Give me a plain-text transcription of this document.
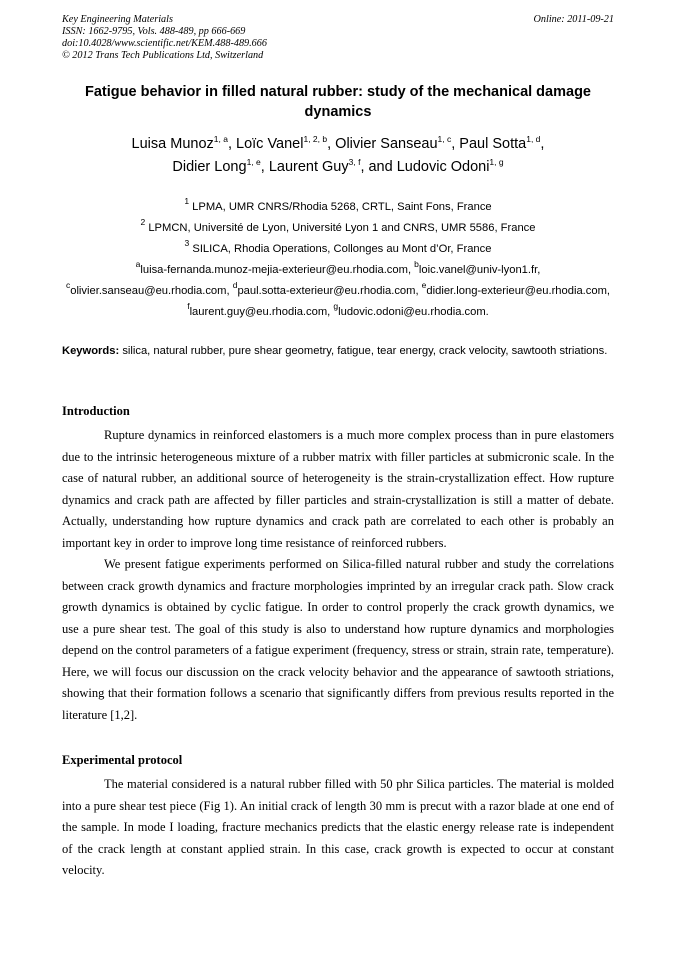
Key Engineering Materials
ISSN: 1662-9795, Vols. 488-489, pp 666-669
doi:10.4028/www.scientific.net/KEM.488-489.666
© 2012 Trans Tech Publications Ltd, Switzerland
Online: 2011-09-21
Fatigue behavior in filled natural rubber: study of the mechanical damage dynamics
Luisa Munoz$^{1, a}$, Loïc Vanel$^{1, 2, b}$, Olivier Sanseau$^{1, c}$, Paul Sotta$^{1, d}$,
Didier Long$^{1, e}$, Laurent Guy$^{3, f}$, and Ludovic Odoni$^{1, g}$
$^1$ LPMA, UMR CNRS/Rhodia 5268, CRTL, Saint Fons, France
$^2$ LPMCN, Université de Lyon, Université Lyon 1 and CNRS, UMR 5586, France
$^3$ SILICA, Rhodia Operations, Collonges au Mont d’Or, France
$^a$luisa-fernanda.munoz-mejia-exterieur@eu.rhodia.com, $^b$loic.vanel@univ-lyon1.fr,
$^c$olivier.sanseau@eu.rhodia.com, $^d$paul.sotta-exterieur@eu.rhodia.com, $^e$didier.long-exterieur@eu.rhodia.com, $^f$laurent.guy@eu.rhodia.com, $^g$ludovic.odoni@eu.rhodia.com.
Keywords: silica, natural rubber, pure shear geometry, fatigue, tear energy, crack velocity, sawtooth striations.
Introduction

Rupture dynamics in reinforced elastomers is a much more complex process than in pure elastomers due to the intrinsic heterogeneous mixture of a rubber matrix with filler particles at submicronic scale. In the case of natural rubber, an additional source of heterogeneity is the strain-crystallization effect. How rupture dynamics and crack path are affected by filler particles and strain-crystallization is still a matter of debate. Actually, understanding how rupture dynamics and crack path are correlated to each other is probably an important key in order to improve long time resistance of reinforced rubbers.

We present fatigue experiments performed on Silica-filled natural rubber and study the correlations between crack growth dynamics and fracture morphologies imprinted by an irregular crack path. Slow crack growth dynamics is obtained by cyclic fatigue. In order to control properly the crack growth dynamics, we use a pure shear test. The goal of this study is also to understand how rupture dynamics and morphologies depend on the control parameters of a fatigue experiment (frequency, stress or strain, strain rate, temperature). Here, we will focus our discussion on the crack velocity behavior and the appearance of sawtooth striations, showing that their formation follows a scenario that significantly differs from previous results reported in the literature [1,2].

Experimental protocol

The material considered is a natural rubber filled with 50 phr Silica particles. The material is molded into a pure shear test piece (Fig 1). An initial crack of length 30 mm is precut with a razor blade at one end of the sample. In mode I loading, fracture mechanics predicts that the elastic energy release rate is independent of the crack length at constant applied strain. In this case, crack growth is expected to occur at constant velocity.
